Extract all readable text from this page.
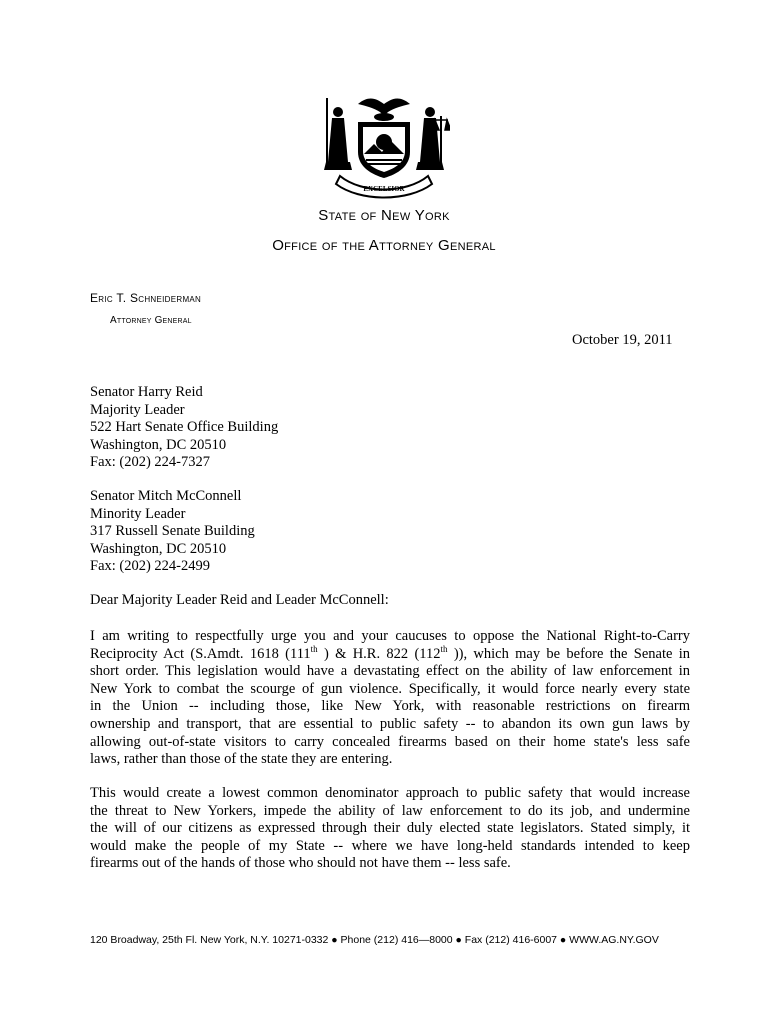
EXCELSIOR
State of New York
Office of the Attorney General
Eric T. Schneiderman
Attorney General
October 19, 2011
Senator Harry Reid
Majority Leader
522 Hart Senate Office Building
Washington, DC 20510
Fax: (202) 224-7327
Senator Mitch McConnell
Minority Leader
317 Russell Senate Building
Washington, DC 20510
Fax: (202) 224-2499
Dear Majority Leader Reid and Leader McConnell:
I am writing to respectfully urge you and your caucuses to oppose the National Right-to-Carry
Reciprocity Act (S.Amdt. 1618 (111th ) & H.R. 822 (112th )), which may be before the Senate in
short order. This legislation would have a devastating effect on the ability of law enforcement in
New York to combat the scourge of gun violence. Specifically, it would force nearly every state
in the Union -- including those, like New York, with reasonable restrictions on firearm
ownership and transport, that are essential to public safety -- to abandon its own gun laws by
allowing out-of-state visitors to carry concealed firearms based on their home state's less safe
laws, rather than those of the state they are entering.
This would create a lowest common denominator approach to public safety that would increase
the threat to New Yorkers, impede the ability of law enforcement to do its job, and undermine
the will of our citizens as expressed through their duly elected state legislators. Stated simply, it
would make the people of my State -- where we have long-held standards intended to keep
firearms out of the hands of those who should not have them -- less safe.
120 Broadway, 25th Fl. New York, N.Y. 10271-0332 ● Phone (212) 416—8000 ● Fax (212) 416-6007 ● WWW.AG.NY.GOV
